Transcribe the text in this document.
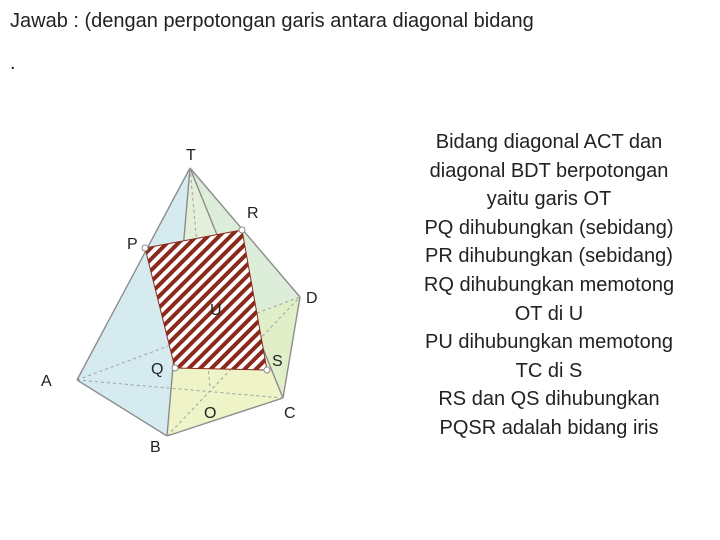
Jawab : (dengan perpotongan garis antara diagonal bidang
.
T
R
P
D
U
A
Q	S
O	C
B
Bidang diagonal ACT dan
diagonal BDT berpotongan
yaitu garis OT
PQ dihubungkan (sebidang)
PR dihubungkan (sebidang)
RQ dihubungkan memotong
OT di U
PU dihubungkan memotong
TC di S
RS dan QS dihubungkan
PQSR adalah bidang iris
